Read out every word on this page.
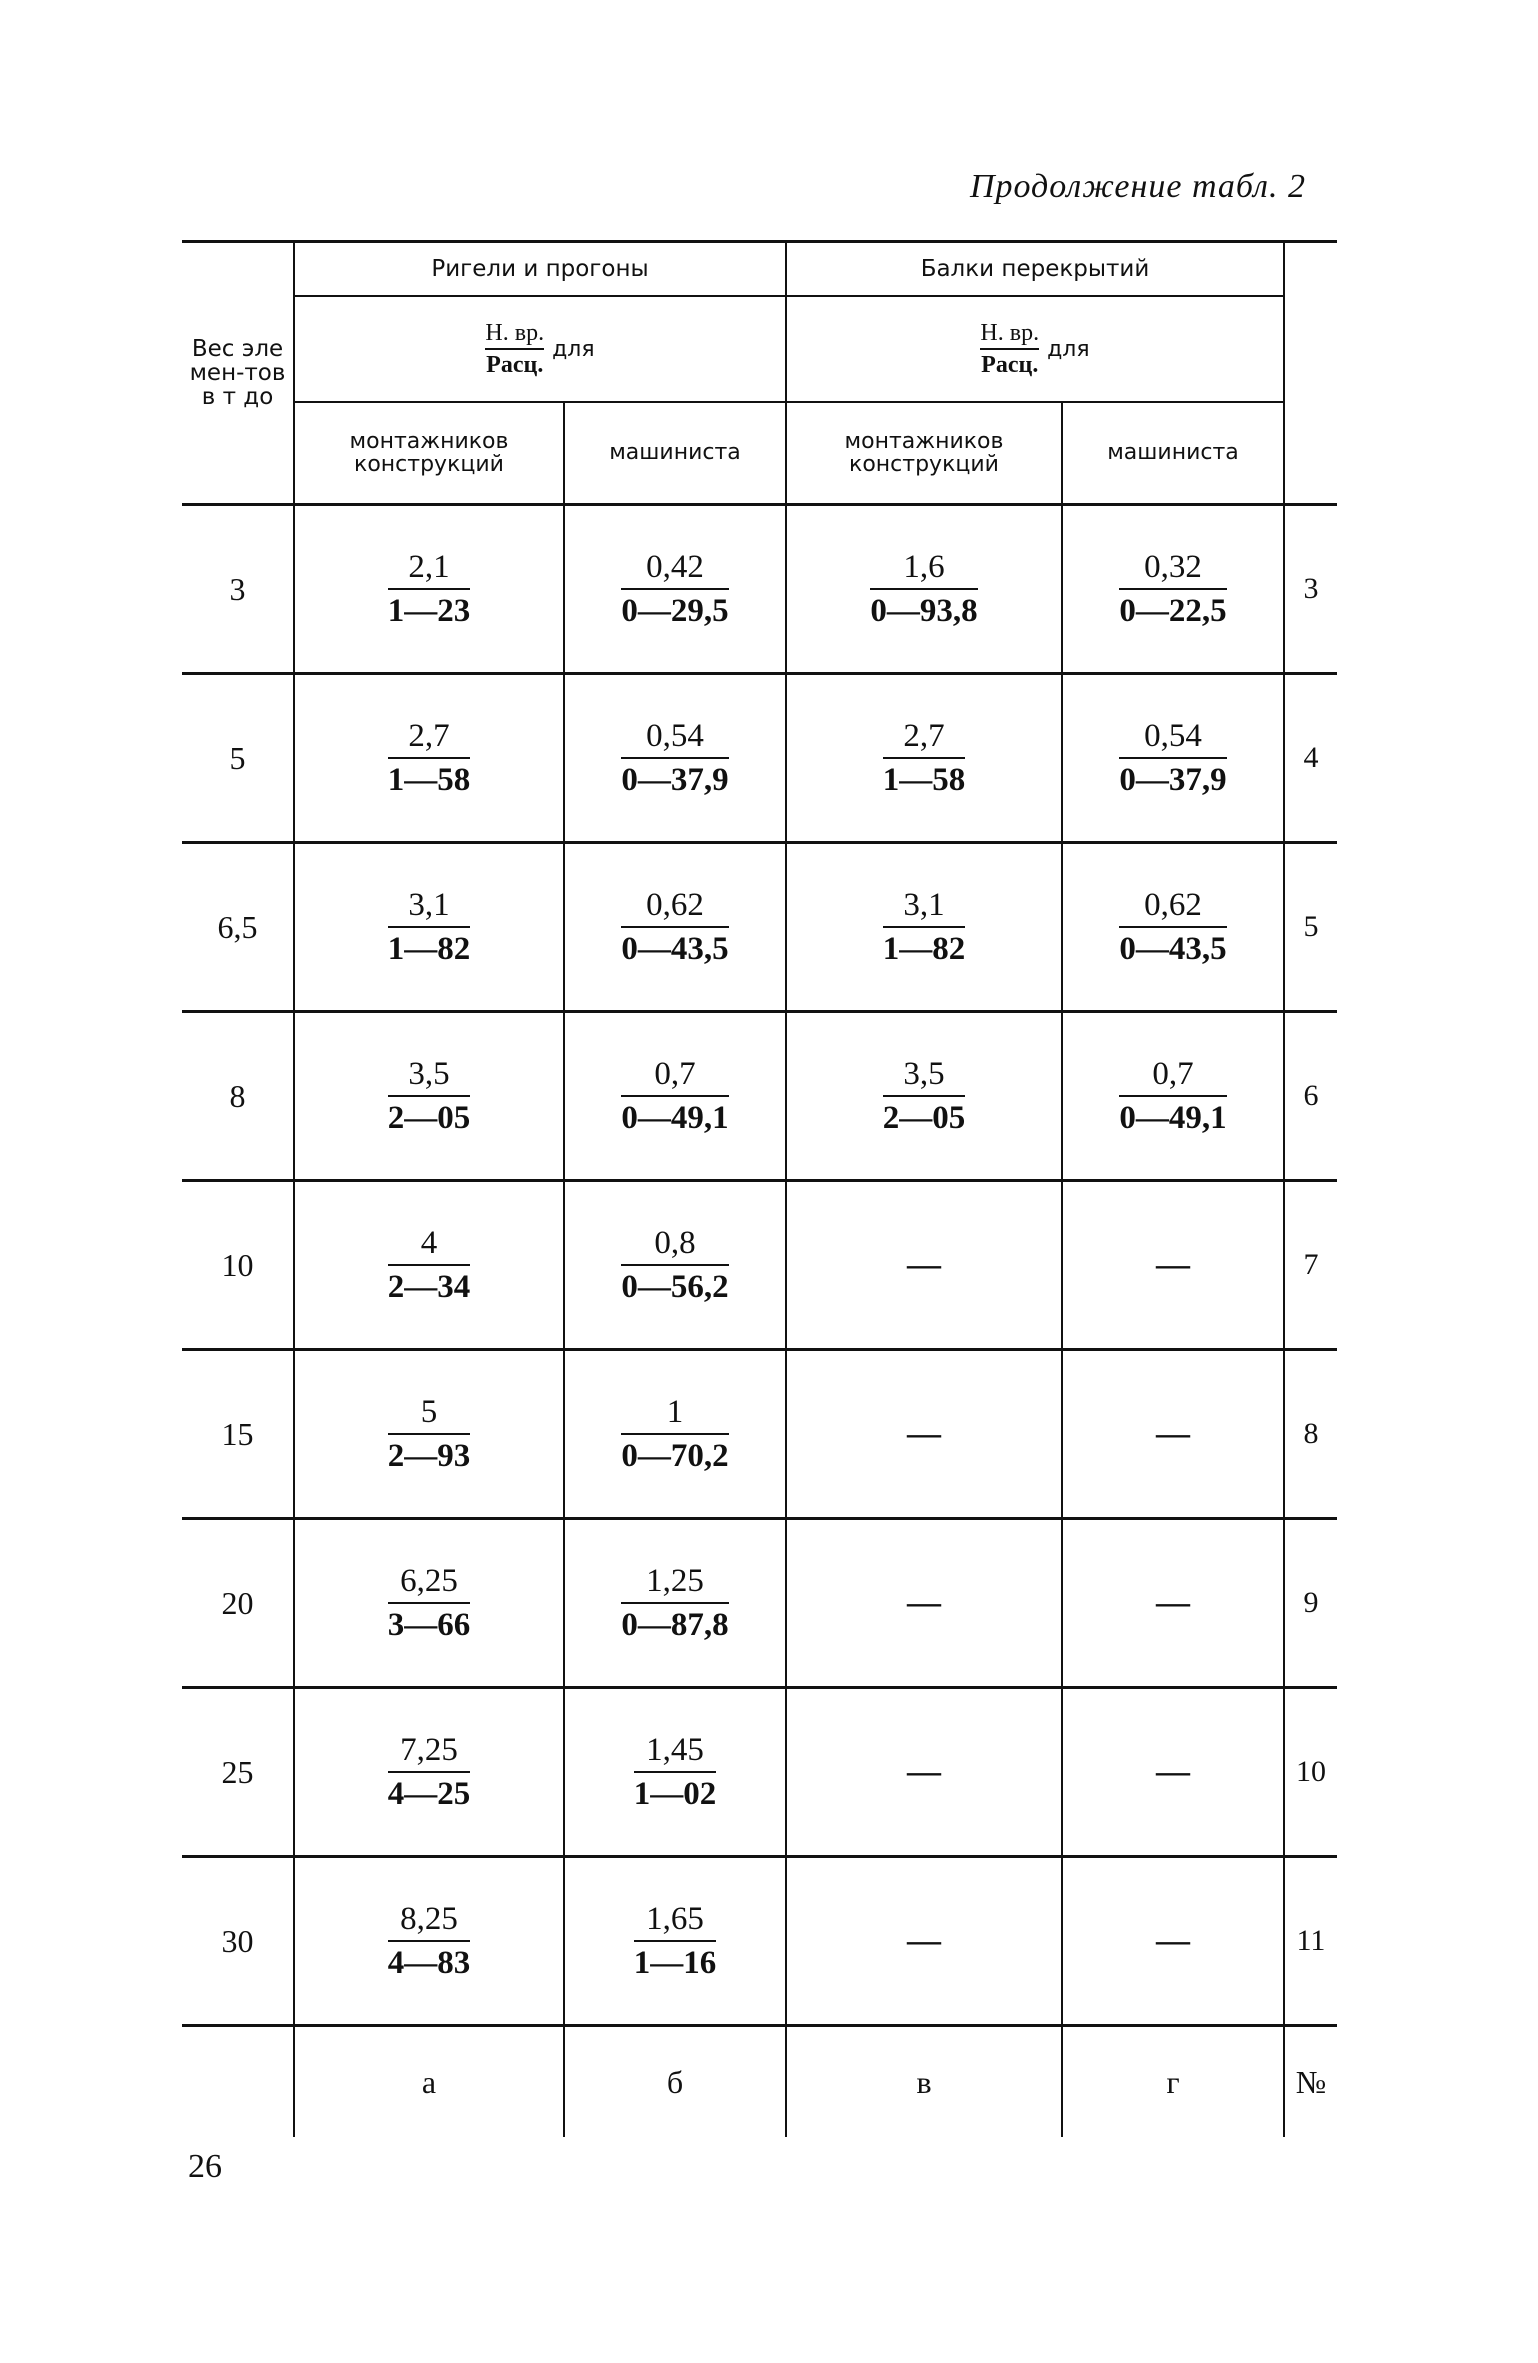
Продолжение табл. 2
Вес элемен-тов в т до	Ригели и прогоны		Балки перекрытий		

	$\frac{Н. вр.}{\text{Расц.}}$ для		$\frac{Н. вр.}{\text{Расц.}}$ для		
	монтажников конструкций	машиниста	монтажников конструкций	машиниста	
3	$\frac{2,1}{1—23}$	$\frac{0,42}{0—29,5}$	$\frac{1,6}{0—93,8}$	$\frac{0,32}{0—22,5}$	3
5	$\frac{2,7}{1—58}$	$\frac{0,54}{0—37,9}$	$\frac{2,7}{1—58}$	$\frac{0,54}{0—37,9}$	4
6,5	$\frac{3,1}{1—82}$	$\frac{0,62}{0—43,5}$	$\frac{3,1}{1—82}$	$\frac{0,62}{0—43,5}$	5
8	$\frac{3,5}{2—05}$	$\frac{0,7}{0—49,1}$	$\frac{3,5}{2—05}$	$\frac{0,7}{0—49,1}$	6
10	$\frac{4}{2—34}$	$\frac{0,8}{0—56,2}$	—	—	7
15	$\frac{5}{2—93}$	$\frac{1}{0—70,2}$	—	—	8
20	$\frac{6,25}{3—66}$	$\frac{1,25}{0—87,8}$	—	—	9
25	$\frac{7,25}{4—25}$	$\frac{1,45}{1—02}$	—	—	10
30	$\frac{8,25}{4—83}$	$\frac{1,65}{1—16}$	—	—	11
	а	б	в	г	№
26
